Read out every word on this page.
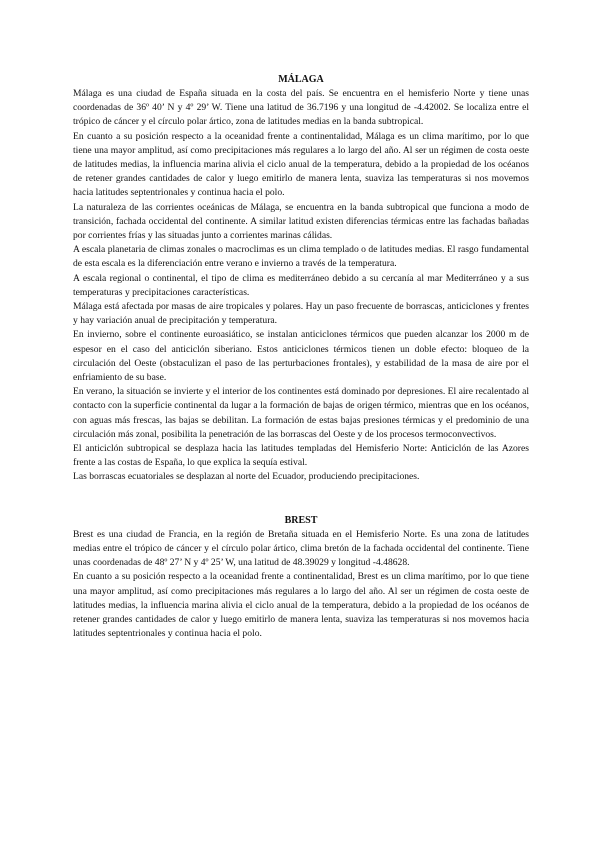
MÁLAGA

Málaga es una ciudad de España situada en la costa del país. Se encuentra en el hemisferio Norte y tiene unas coordenadas de 36º 40’ N y 4º 29’ W. Tiene una latitud de 36.7196 y una longitud de -4.42002. Se localiza entre el trópico de cáncer y el círculo polar ártico, zona de latitudes medias en la banda subtropical.

En cuanto a su posición respecto a la oceanidad frente a continentalidad, Málaga es un clima marítimo, por lo que tiene una mayor amplitud, así como precipitaciones más regulares a lo largo del año. Al ser un régimen de costa oeste de latitudes medias, la influencia marina alivia el ciclo anual de la temperatura, debido a la propiedad de los océanos de retener grandes cantidades de calor y luego emitirlo de manera lenta, suaviza las temperaturas si nos movemos hacia latitudes septentrionales y continua hacia el polo.

La naturaleza de las corrientes oceánicas de Málaga, se encuentra en la banda subtropical que funciona a modo de transición, fachada occidental del continente. A similar latitud existen diferencias térmicas entre las fachadas bañadas por corrientes frías y las situadas junto a corrientes marinas cálidas.

A escala planetaria de climas zonales o macroclimas es un clima templado o de latitudes medias. El rasgo fundamental de esta escala es la diferenciación entre verano e invierno a través de la temperatura.

A escala regional o continental, el tipo de clima es mediterráneo debido a su cercanía al mar Mediterráneo y a sus temperaturas y precipitaciones características.

Málaga está afectada por masas de aire tropicales y polares. Hay un paso frecuente de borrascas, anticiclones y frentes y hay variación anual de precipitación y temperatura.

En invierno, sobre el continente euroasiático, se instalan anticiclones térmicos que pueden alcanzar los 2000 m de espesor en el caso del anticiclón siberiano. Estos anticiclones térmicos tienen un doble efecto: bloqueo de la circulación del Oeste (obstaculizan el paso de las perturbaciones frontales), y estabilidad de la masa de aire por el enfriamiento de su base.

En verano, la situación se invierte y el interior de los continentes está dominado por depresiones. El aire recalentado al contacto con la superficie continental da lugar a la formación de bajas de origen térmico, mientras que en los océanos, con aguas más frescas, las bajas se debilitan. La formación de estas bajas presiones térmicas y el predominio de una circulación más zonal, posibilita la penetración de las borrascas del Oeste y de los procesos termoconvectivos.

El anticiclón subtropical se desplaza hacia las latitudes templadas del Hemisferio Norte: Anticiclón de las Azores frente a las costas de España, lo que explica la sequía estival.

Las borrascas ecuatoriales se desplazan al norte del Ecuador, produciendo precipitaciones.

BREST

Brest es una ciudad de Francia, en la región de Bretaña situada en el Hemisferio Norte. Es una zona de latitudes medias entre el trópico de cáncer y el círculo polar ártico, clima bretón de la fachada occidental del continente. Tiene unas coordenadas de 48º 27’ N y 4º 25’ W, una latitud de 48.39029 y longitud -4.48628.

En cuanto a su posición respecto a la oceanidad frente a continentalidad, Brest es un clima marítimo, por lo que tiene una mayor amplitud, así como precipitaciones más regulares a lo largo del año. Al ser un régimen de costa oeste de latitudes medias, la influencia marina alivia el ciclo anual de la temperatura, debido a la propiedad de los océanos de retener grandes cantidades de calor y luego emitirlo de manera lenta, suaviza las temperaturas si nos movemos hacia latitudes septentrionales y continua hacia el polo.
